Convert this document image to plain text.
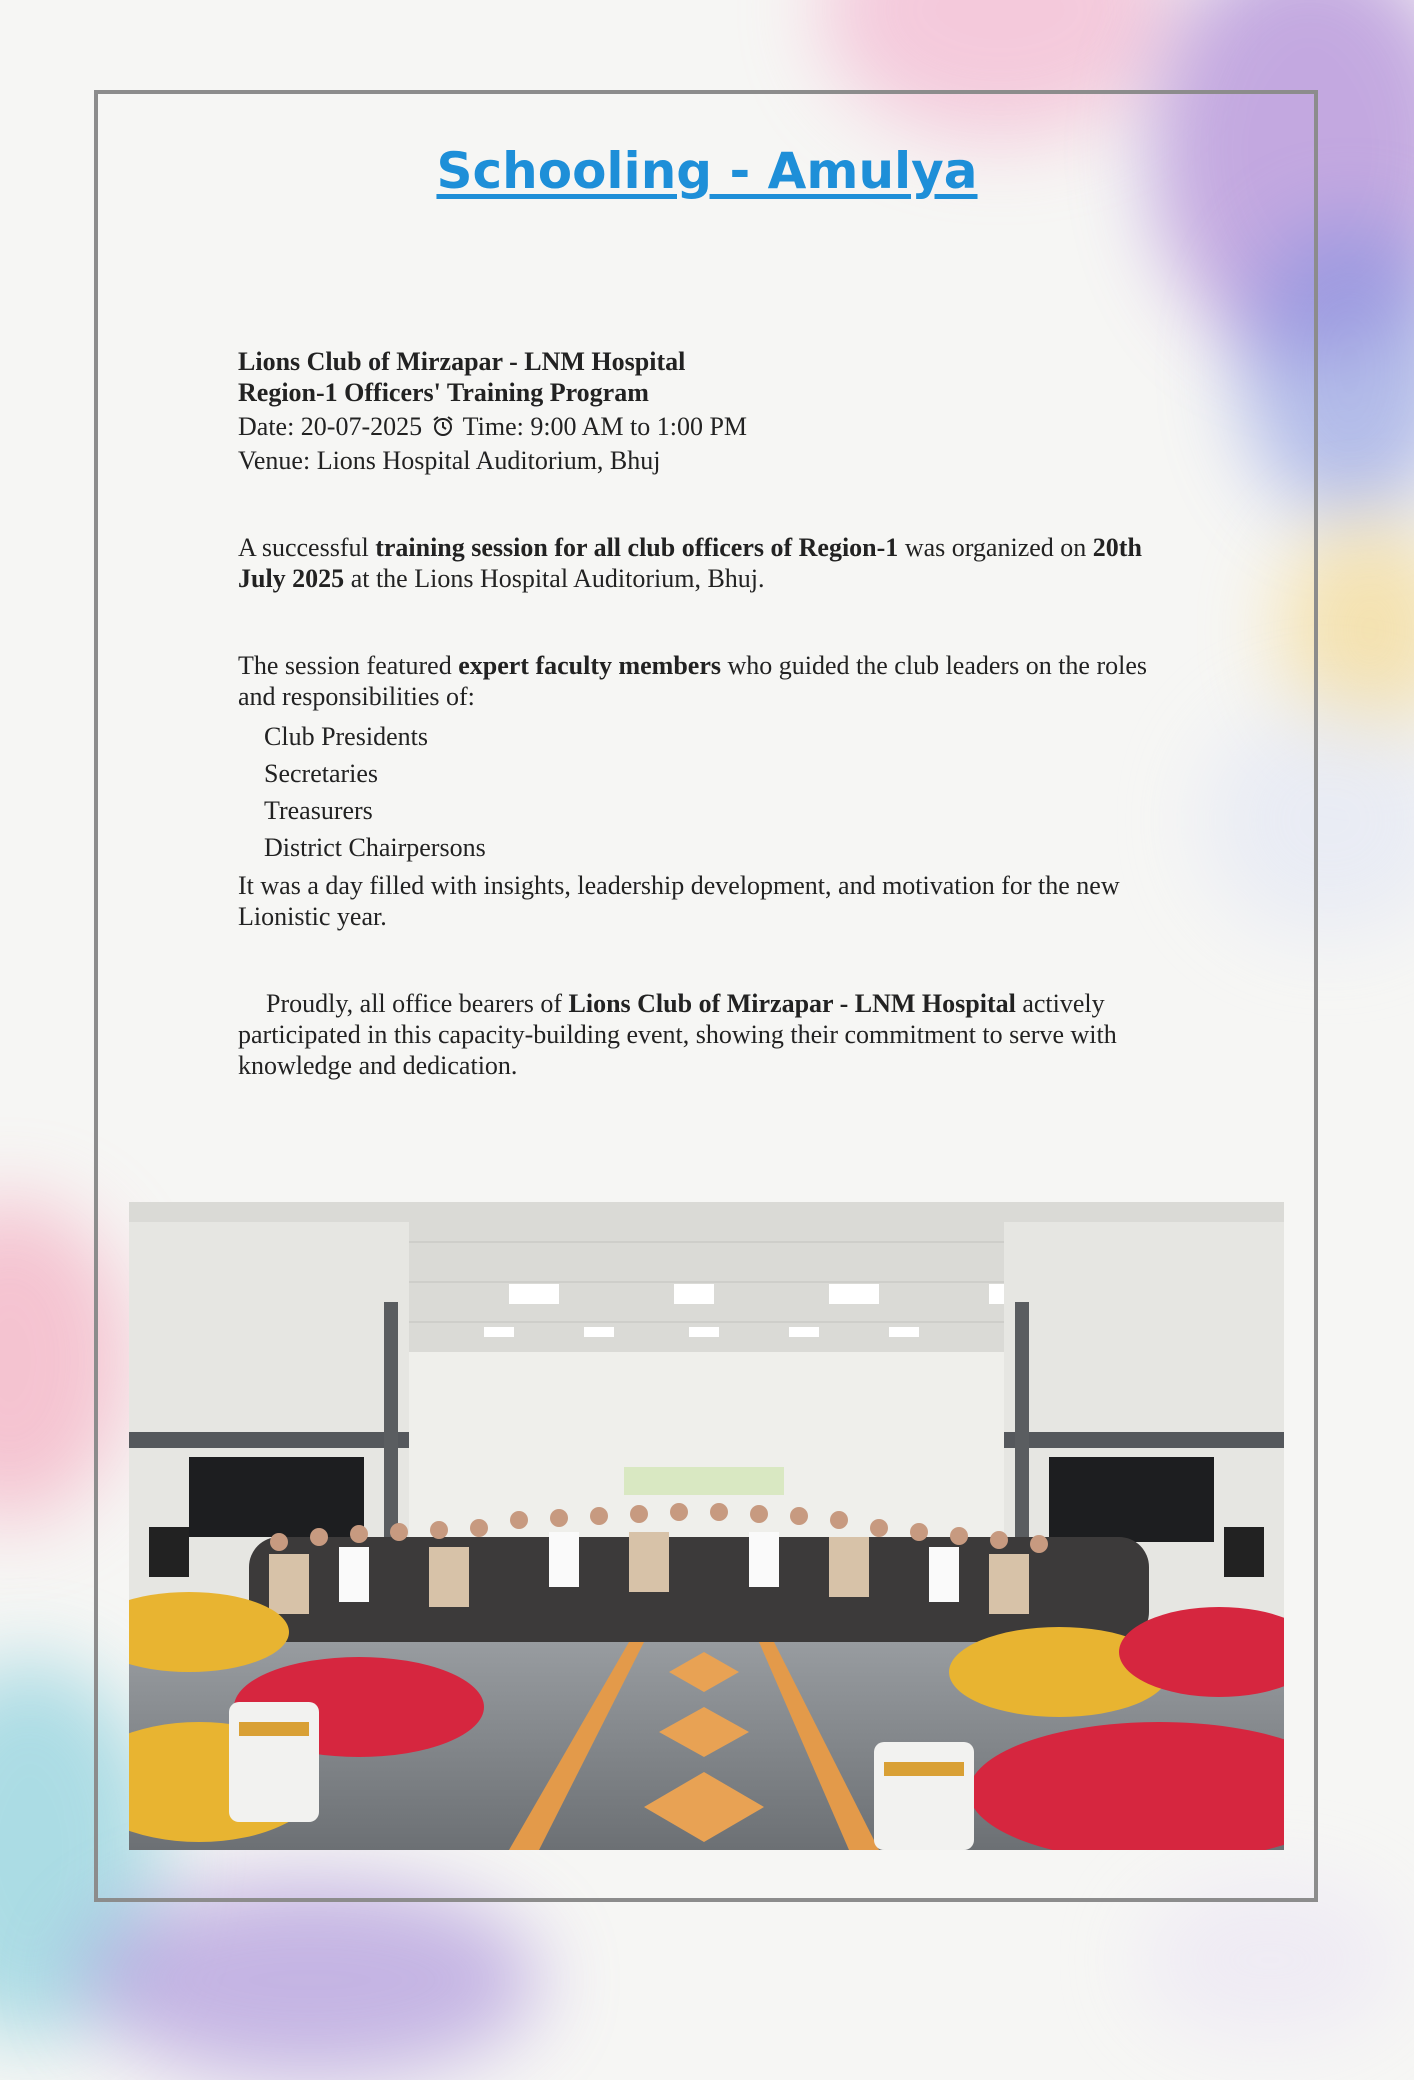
Schooling - Amulya

Lions Club of Mirzapar - LNM Hospital

Region-1 Officers' Training Program

Date: 20-07-2025 Time: 9:00 AM to 1:00 PM

Venue: Lions Hospital Auditorium, Bhuj

A successful training session for all club officers of Region-1 was organized on 20th July 2025 at the Lions Hospital Auditorium, Bhuj.

The session featured expert faculty members who guided the club leaders on the roles and responsibilities of:

Club Presidents
Secretaries
Treasurers
District Chairpersons

It was a day filled with insights, leadership development, and motivation for the new Lionistic year.

Proudly, all office bearers of Lions Club of Mirzapar - LNM Hospital actively participated in this capacity-building event, showing their commitment to serve with knowledge and dedication.
